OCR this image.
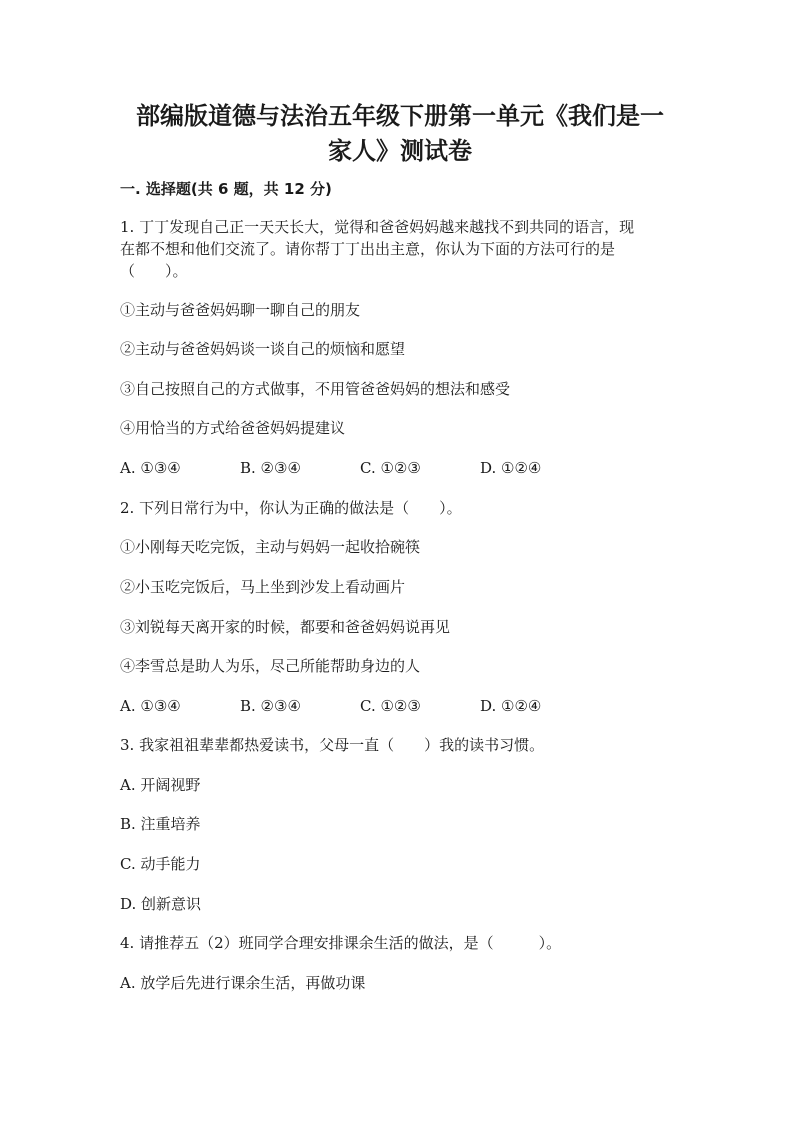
部编版道德与法治五年级下册第一单元《我们是一
家人》测试卷
一. 选择题(共 6 题，共 12 分)
1. 丁丁发现自己正一天天长大，觉得和爸爸妈妈越来越找不到共同的语言，现
在都不想和他们交流了。请你帮丁丁出出主意，你认为下面的方法可行的是
（　　）。
①主动与爸爸妈妈聊一聊自己的朋友
②主动与爸爸妈妈谈一谈自己的烦恼和愿望
③自己按照自己的方式做事，不用管爸爸妈妈的想法和感受
④用恰当的方式给爸爸妈妈提建议
A. ①③④	B. ②③④	C. ①②③	D. ①②④
2. 下列日常行为中，你认为正确的做法是（　　）。
①小刚每天吃完饭，主动与妈妈一起收拾碗筷
②小玉吃完饭后，马上坐到沙发上看动画片
③刘锐每天离开家的时候，都要和爸爸妈妈说再见
④李雪总是助人为乐，尽己所能帮助身边的人
A. ①③④	B. ②③④	C. ①②③	D. ①②④
3. 我家祖祖辈辈都热爱读书，父母一直（　　）我的读书习惯。
A. 开阔视野
B. 注重培养
C. 动手能力
D. 创新意识
4. 请推荐五（2）班同学合理安排课余生活的做法，是（　　　）。
A. 放学后先进行课余生活，再做功课
